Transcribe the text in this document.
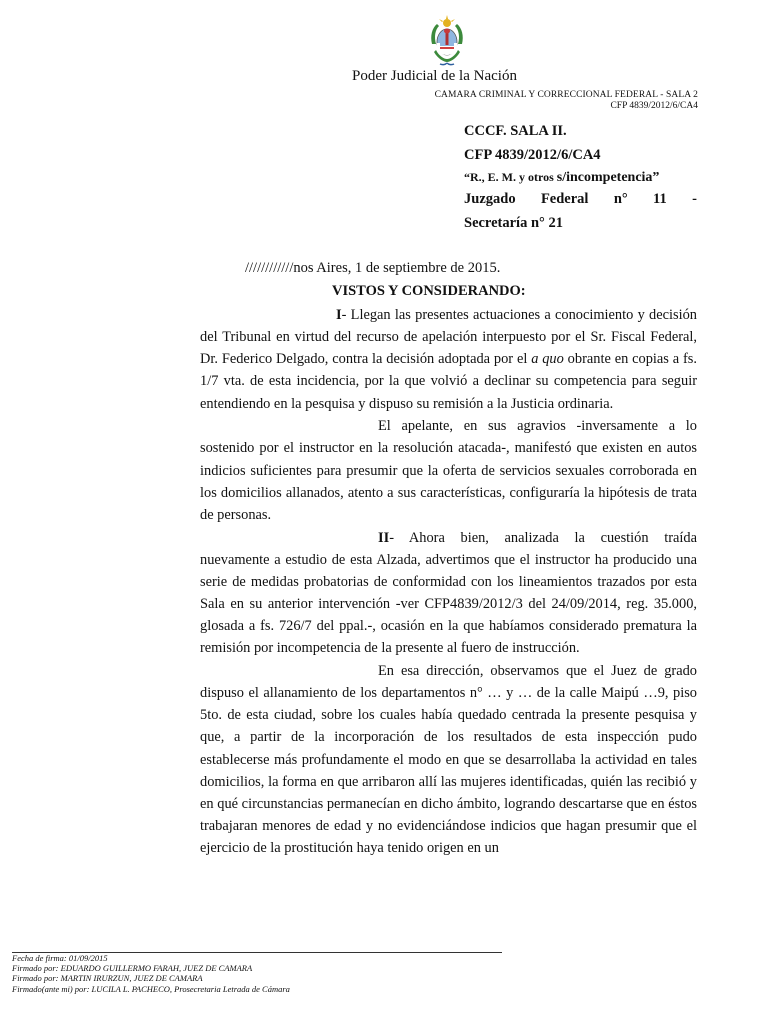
Poder Judicial de la Nación
CAMARA CRIMINAL Y CORRECCIONAL FEDERAL - SALA 2
CFP 4839/2012/6/CA4
CCCF. SALA II.
CFP 4839/2012/6/CA4
“R., E. M. y otros s/incompetencia”
Juzgado Federal n° 11 -
Secretaría n° 21
////////////nos Aires, 1 de septiembre de 2015.
VISTOS Y CONSIDERANDO:

I- Llegan las presentes actuaciones a conocimiento y decisión del Tribunal en virtud del recurso de apelación interpuesto por el Sr. Fiscal Federal, Dr. Federico Delgado, contra la decisión adoptada por el a quo obrante en copias a fs. 1/7 vta. de esta incidencia, por la que volvió a declinar su competencia para seguir entendiendo en la pesquisa y dispuso su remisión a la Justicia ordinaria.

El apelante, en sus agravios -inversamente a lo sostenido por el instructor en la resolución atacada-, manifestó que existen en autos indicios suficientes para presumir que la oferta de servicios sexuales corroborada en los domicilios allanados, atento a sus características, configuraría la hipótesis de trata de personas.

II- Ahora bien, analizada la cuestión traída nuevamente a estudio de esta Alzada, advertimos que el instructor ha producido una serie de medidas probatorias de conformidad con los lineamientos trazados por esta Sala en su anterior intervención -ver CFP4839/2012/3 del 24/09/2014, reg. 35.000, glosada a fs. 726/7 del ppal.-, ocasión en la que habíamos considerado prematura la remisión por incompetencia de la presente al fuero de instrucción.

En esa dirección, observamos que el Juez de grado dispuso el allanamiento de los departamentos n° … y … de la calle Maipú …9, piso 5to. de esta ciudad, sobre los cuales había quedado centrada la presente pesquisa y que, a partir de la incorporación de los resultados de esta inspección pudo establecerse más profundamente el modo en que se desarrollaba la actividad en tales domicilios, la forma en que arribaron allí las mujeres identificadas, quién las recibió y en qué circunstancias permanecían en dicho ámbito, logrando descartarse que en éstos trabajaran menores de edad y no evidenciándose indicios que hagan presumir que el ejercicio de la prostitución haya tenido origen en un

Fecha de firma: 01/09/2015
Firmado por: EDUARDO GUILLERMO FARAH, JUEZ DE CAMARA
Firmado por: MARTIN IRURZUN, JUEZ DE CAMARA
Firmado(ante mi) por: LUCILA L. PACHECO, Prosecretaria Letrada de Cámara
